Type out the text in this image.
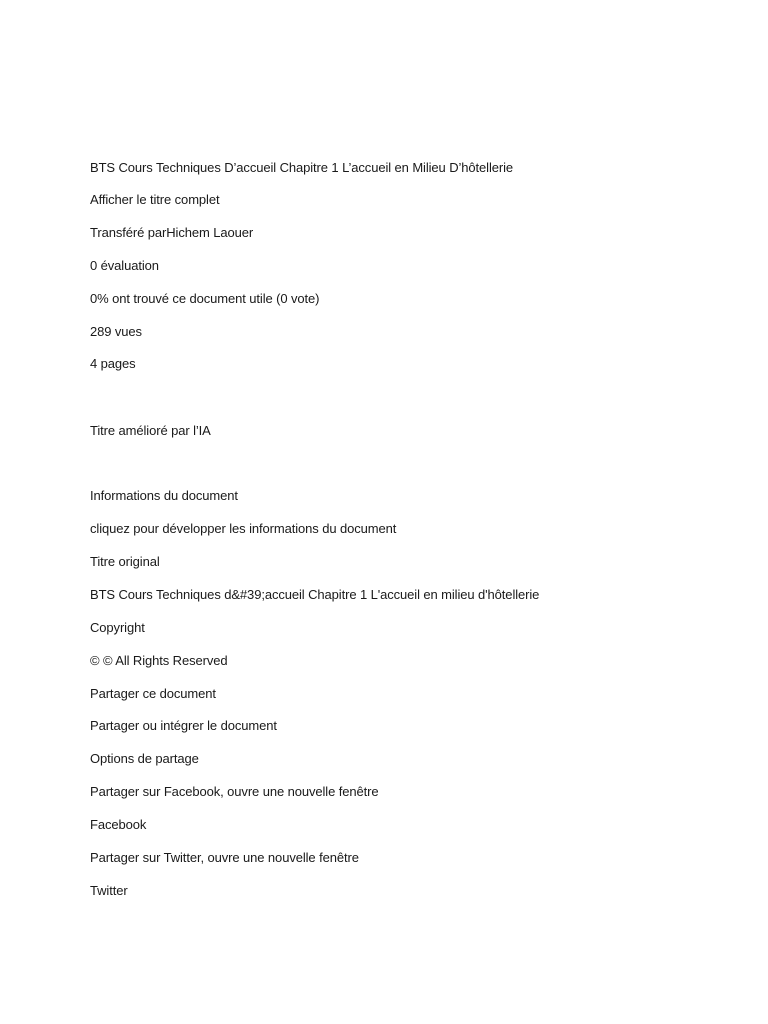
BTS Cours Techniques D’accueil Chapitre 1 L’accueil en Milieu D’hôtellerie

Afficher le titre complet

Transféré parHichem Laouer

0 évaluation

0% ont trouvé ce document utile (0 vote)

289 vues

4 pages

Titre amélioré par l’IA

Informations du document

cliquez pour développer les informations du document

Titre original

BTS Cours Techniques d&#39;accueil Chapitre 1 L'accueil en milieu d'hôtellerie

Copyright

© © All Rights Reserved

Partager ce document

Partager ou intégrer le document

Options de partage

Partager sur Facebook, ouvre une nouvelle fenêtre

Facebook

Partager sur Twitter, ouvre une nouvelle fenêtre

Twitter
